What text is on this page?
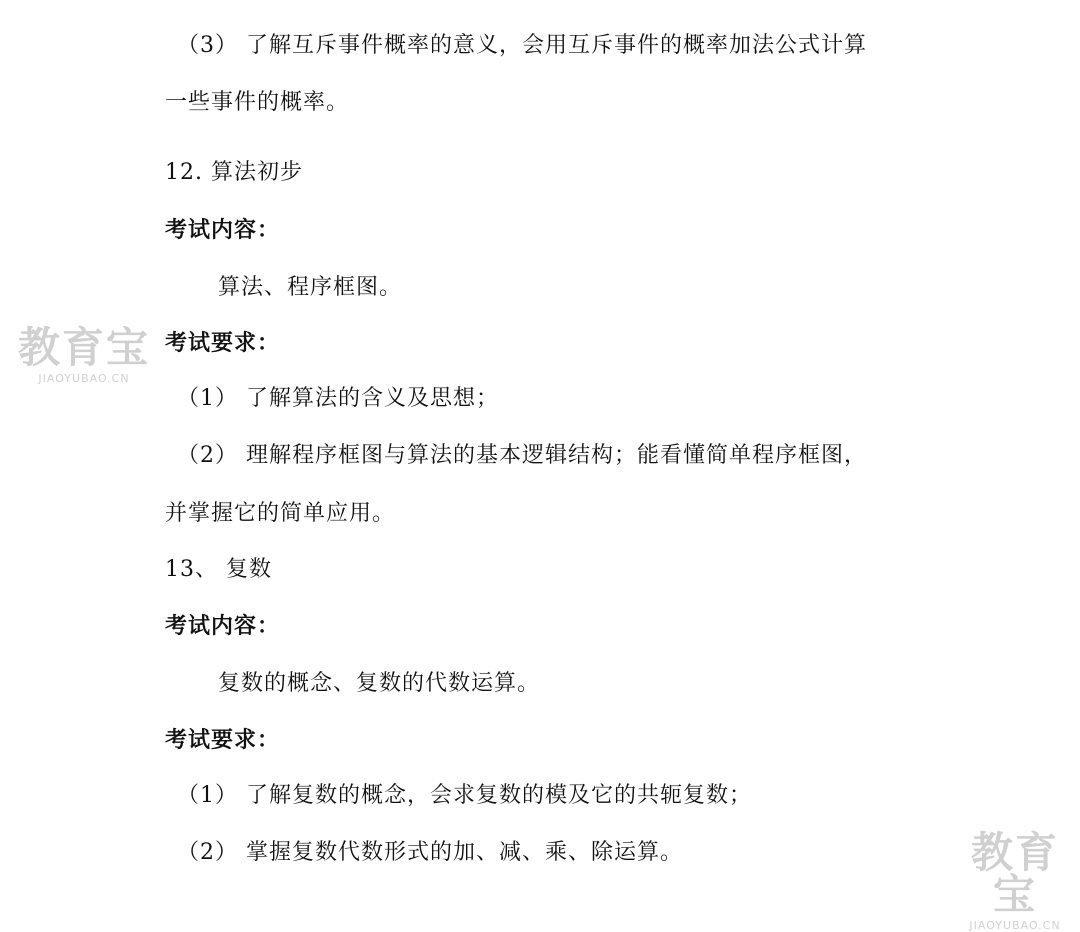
（3） 了解互斥事件概率的意义，会用互斥事件的概率加法公式计算
一些事件的概率。
12. 算法初步
考试内容：
算法、程序框图。
考试要求：
（1） 了解算法的含义及思想；
（2） 理解程序框图与算法的基本逻辑结构；能看懂简单程序框图，
并掌握它的简单应用。
13、 复数
考试内容：
复数的概念、复数的代数运算。
考试要求：
（1） 了解复数的概念，会求复数的模及它的共轭复数；
（2） 掌握复数代数形式的加、减、乘、除运算。
教育宝
JIAOYUBAO.CN
教育宝
JIAOYUBAO.CN
